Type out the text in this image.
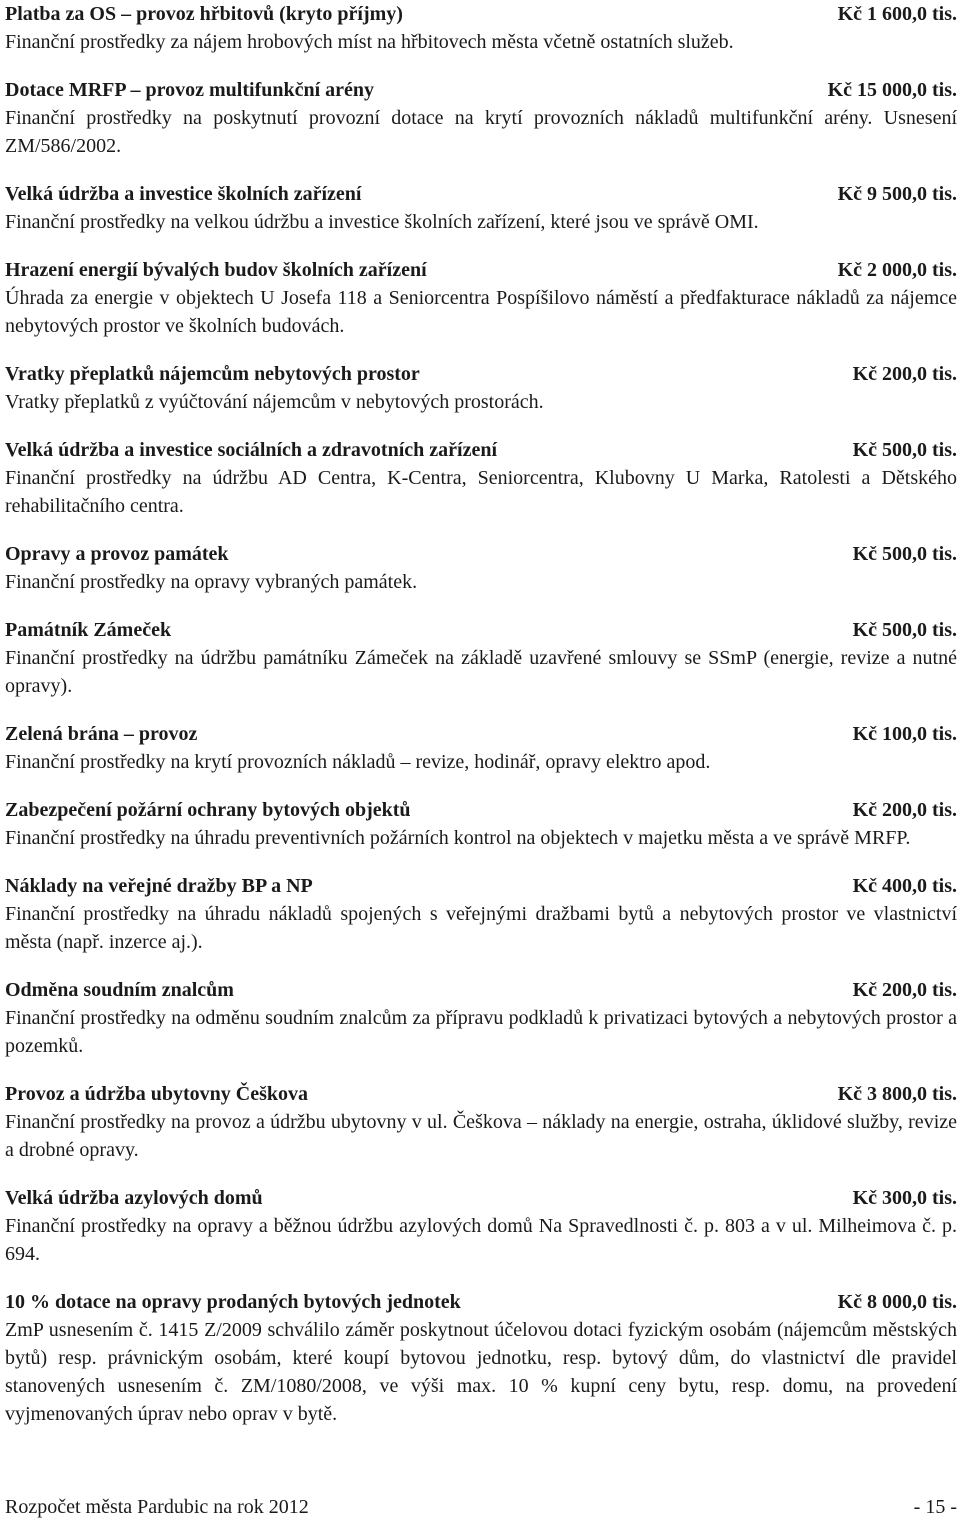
Platba za OS – provoz hřbitovů (kryto příjmy)	Kč 1 600,0 tis.

Finanční prostředky za nájem hrobových míst na hřbitovech města včetně ostatních služeb.

Dotace MRFP – provoz multifunkční arény	Kč 15 000,0 tis.

Finanční prostředky na poskytnutí provozní dotace na krytí provozních nákladů multifunkční arény. Usnesení ZM/586/2002.

Velká údržba a investice školních zařízení	Kč 9 500,0 tis.

Finanční prostředky na velkou údržbu a investice školních zařízení, které jsou ve správě OMI.

Hrazení energií bývalých budov školních zařízení	Kč 2 000,0 tis.

Úhrada za energie v objektech U Josefa 118 a Seniorcentra Pospíšilovo náměstí a předfakturace nákladů za nájemce nebytových prostor ve školních budovách.

Vratky přeplatků nájemcům nebytových prostor	Kč 200,0 tis.

Vratky přeplatků z vyúčtování nájemcům v nebytových prostorách.

Velká údržba a investice sociálních a zdravotních zařízení	Kč 500,0 tis.

Finanční prostředky na údržbu AD Centra, K-Centra, Seniorcentra, Klubovny U Marka, Ratolesti a Dětského rehabilitačního centra.

Opravy a provoz památek	Kč 500,0 tis.

Finanční prostředky na opravy vybraných památek.

Památník Zámeček	Kč 500,0 tis.

Finanční prostředky na údržbu památníku Zámeček na základě uzavřené smlouvy se SSmP (energie, revize a nutné opravy).

Zelená brána – provoz	Kč 100,0 tis.

Finanční prostředky na krytí provozních nákladů – revize, hodinář, opravy elektro apod.

Zabezpečení požární ochrany bytových objektů	Kč 200,0 tis.

Finanční prostředky na úhradu preventivních požárních kontrol na objektech v majetku města a ve správě MRFP.

Náklady na veřejné dražby BP a NP	Kč 400,0 tis.

Finanční prostředky na úhradu nákladů spojených s veřejnými dražbami bytů a nebytových prostor ve vlastnictví města (např. inzerce aj.).

Odměna soudním znalcům	Kč 200,0 tis.

Finanční prostředky na odměnu soudním znalcům za přípravu podkladů k privatizaci bytových a nebytových prostor a pozemků.

Provoz a údržba ubytovny Češkova	Kč 3 800,0 tis.

Finanční prostředky na provoz a údržbu ubytovny v ul. Češkova – náklady na energie, ostraha, úklidové služby, revize a drobné opravy.

Velká údržba azylových domů	Kč 300,0 tis.

Finanční prostředky na opravy a běžnou údržbu azylových domů Na Spravedlnosti č. p. 803 a v ul. Milheimova č. p. 694.

10 % dotace na opravy prodaných bytových jednotek	Kč 8 000,0 tis.

ZmP usnesením č. 1415 Z/2009 schválilo záměr poskytnout účelovou dotaci fyzickým osobám (nájemcům městských bytů) resp. právnickým osobám, které koupí bytovou jednotku, resp. bytový dům, do vlastnictví dle pravidel stanovených usnesením č. ZM/1080/2008, ve výši max. 10 % kupní ceny bytu, resp. domu, na provedení vyjmenovaných úprav nebo oprav v bytě.

Rozpočet města Pardubic na rok 2012	- 15 -
